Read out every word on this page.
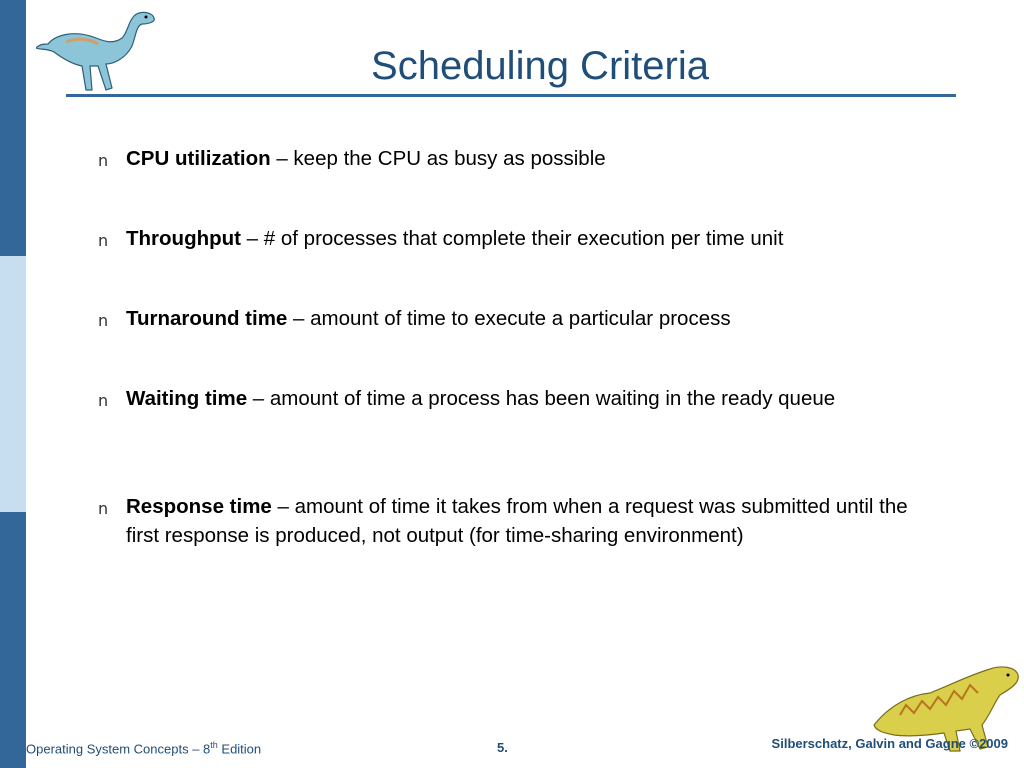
Scheduling Criteria
n CPU utilization – keep the CPU as busy as possible
n Throughput – # of processes that complete their execution per time unit
n Turnaround time – amount of time to execute a particular process
n Waiting time – amount of time a process has been waiting in the ready queue
n Response time – amount of time it takes from when a request was submitted until the first response is produced, not output (for time-sharing environment)
Operating System Concepts – 8th Edition	5.	Silberschatz, Galvin and Gagne ©2009
